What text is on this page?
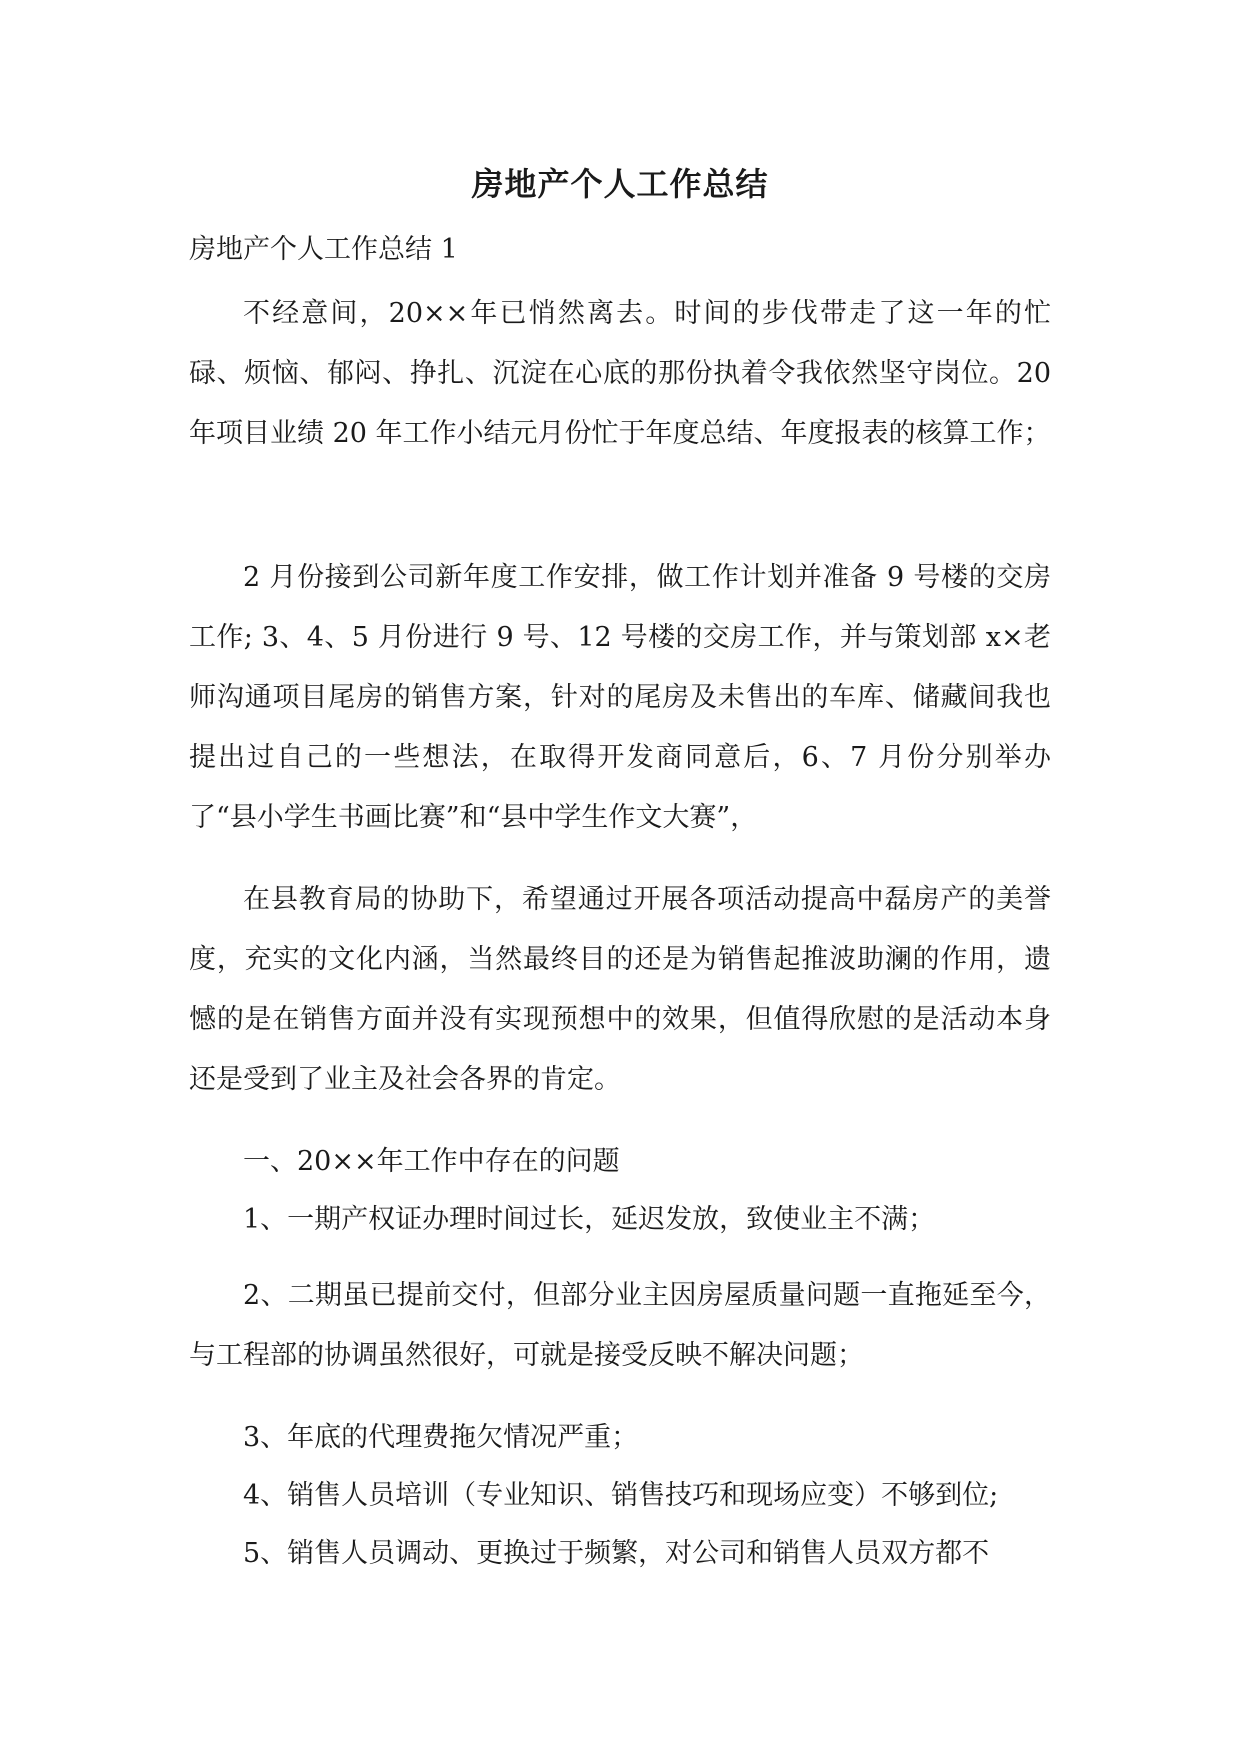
房地产个人工作总结
房地产个人工作总结 1

不经意间，20××年已悄然离去。时间的步伐带走了这一年的忙碌、烦恼、郁闷、挣扎、沉淀在心底的那份执着令我依然坚守岗位。20 年项目业绩 20 年工作小结元月份忙于年度总结、年度报表的核算工作；

2 月份接到公司新年度工作安排，做工作计划并准备 9 号楼的交房工作; 3、4、5 月份进行 9 号、12 号楼的交房工作，并与策划部 x×老师沟通项目尾房的销售方案，针对的尾房及未售出的车库、储藏间我也提出过自己的一些想法，在取得开发商同意后，6、7 月份分别举办了“县小学生书画比赛”和“县中学生作文大赛”，

在县教育局的协助下，希望通过开展各项活动提高中磊房产的美誉度，充实的文化内涵，当然最终目的还是为销售起推波助澜的作用，遗憾的是在销售方面并没有实现预想中的效果，但值得欣慰的是活动本身还是受到了业主及社会各界的肯定。

一、20××年工作中存在的问题

1、一期产权证办理时间过长，延迟发放，致使业主不满；

2、二期虽已提前交付，但部分业主因房屋质量问题一直拖延至今，与工程部的协调虽然很好，可就是接受反映不解决问题；

3、年底的代理费拖欠情况严重；

4、销售人员培训（专业知识、销售技巧和现场应变）不够到位;

5、销售人员调动、更换过于频繁，对公司和销售人员双方都不
